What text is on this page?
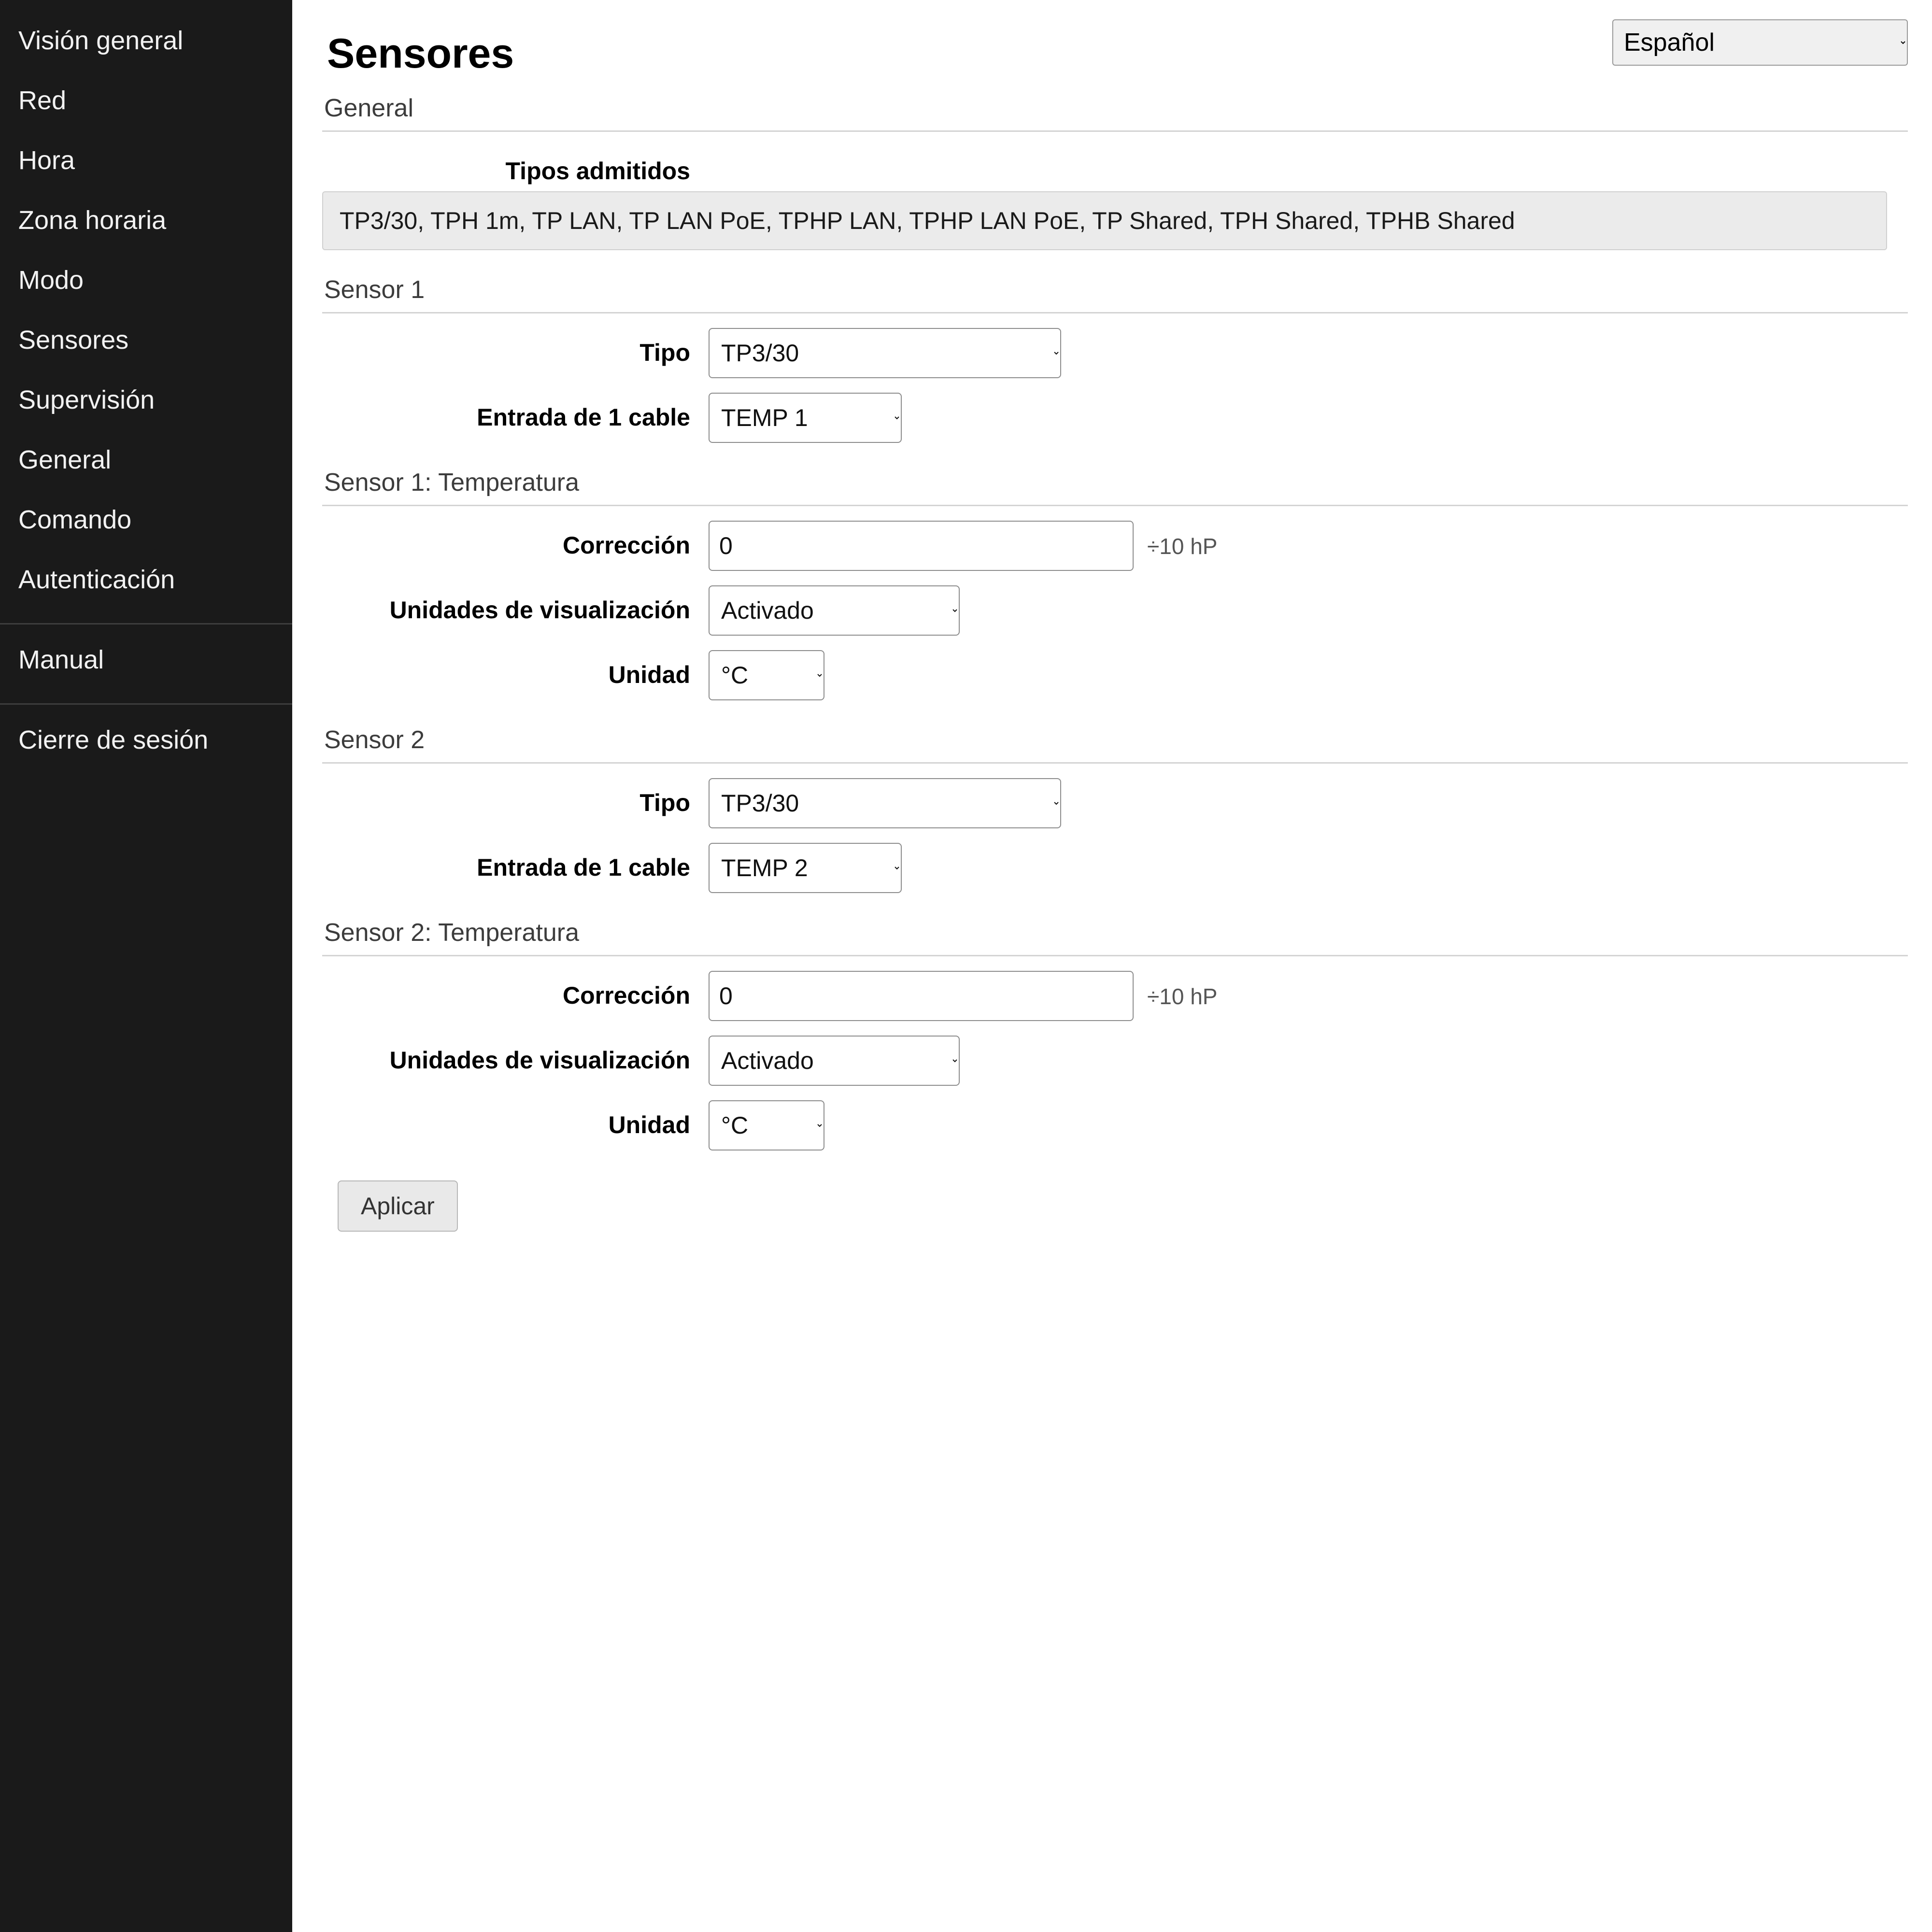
Visión general
Red
Hora
Zona horaria
Modo
Sensores
Supervisión
General
Comando
Autenticación
Manual
Cierre de sesión
Sensores
Español
General
Tipos admitidos
TP3/30, TPH 1m, TP LAN, TP LAN PoE, TPHP LAN, TPHP LAN PoE, TP Shared, TPH Shared, TPHB Shared
Sensor 1
Tipo
TP3/30
Entrada de 1 cable
TEMP 1
Sensor 1: Temperatura
Corrección
0	÷10 hP
Unidades de visualización
Activado
Unidad
°C
Sensor 2
Tipo
TP3/30
Entrada de 1 cable
TEMP 2
Sensor 2: Temperatura
Corrección
0	÷10 hP
Unidades de visualización
Activado
Unidad
°C
Aplicar
